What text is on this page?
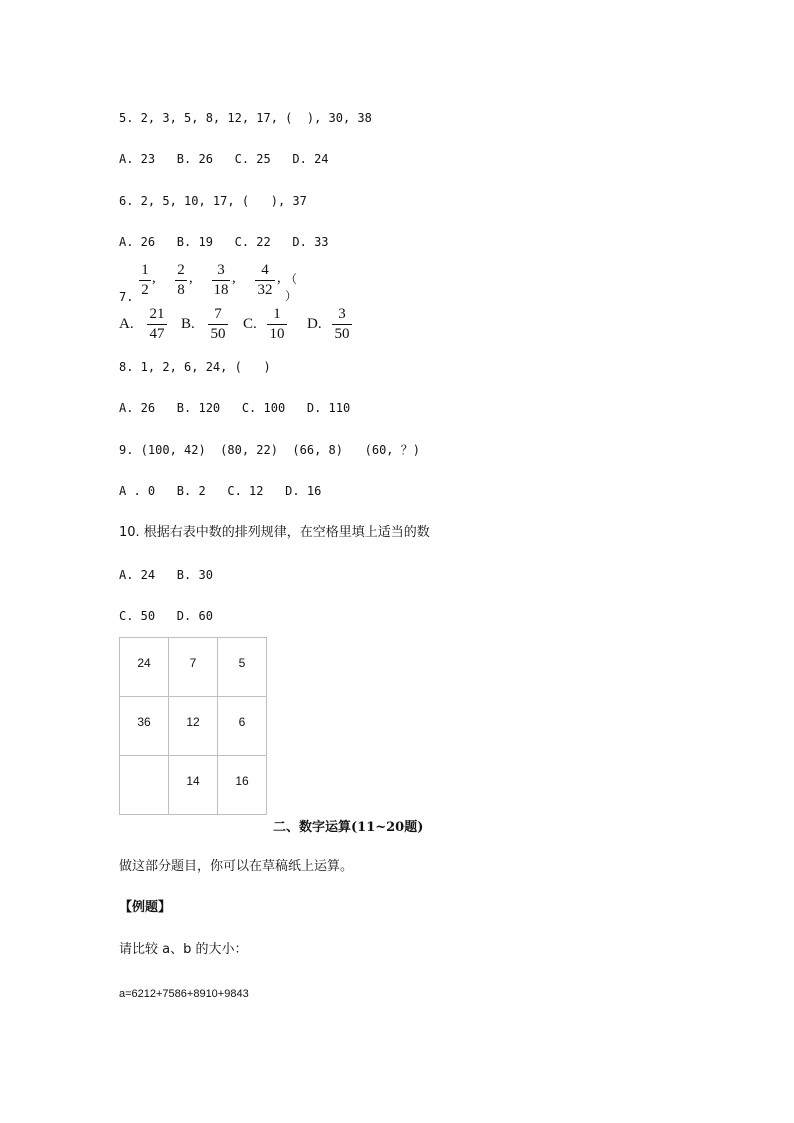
5. 2, 3, 5, 8, 12, 17, (  ), 30, 38
A. 23   B. 26   C. 25   D. 24
6. 2, 5, 10, 17, (   ), 37
A. 26   B. 19   C. 22   D. 33
7.
1
2
, 2
8
,	3
18
,	4
32
, （ ）
A.
21
47
B.
7
50
C.
1
10
D.
3
50
8. 1, 2, 6, 24, (   )
A. 26   B. 120   C. 100   D. 110
9. (100, 42)  (80, 22)  (66, 8)   (60, ？)
A . 0   B. 2   C. 12   D. 16
10. 根据右表中数的排列规律，在空格里填上适当的数
A. 24   B. 30
C. 50   D. 60
24	7	5
36	12	6
	14	16
二、数字运算(11~20题)
做这部分题目，你可以在草稿纸上运算。
【例题】
请比较 a、b 的大小：
a=6212+7586+8910+9843
